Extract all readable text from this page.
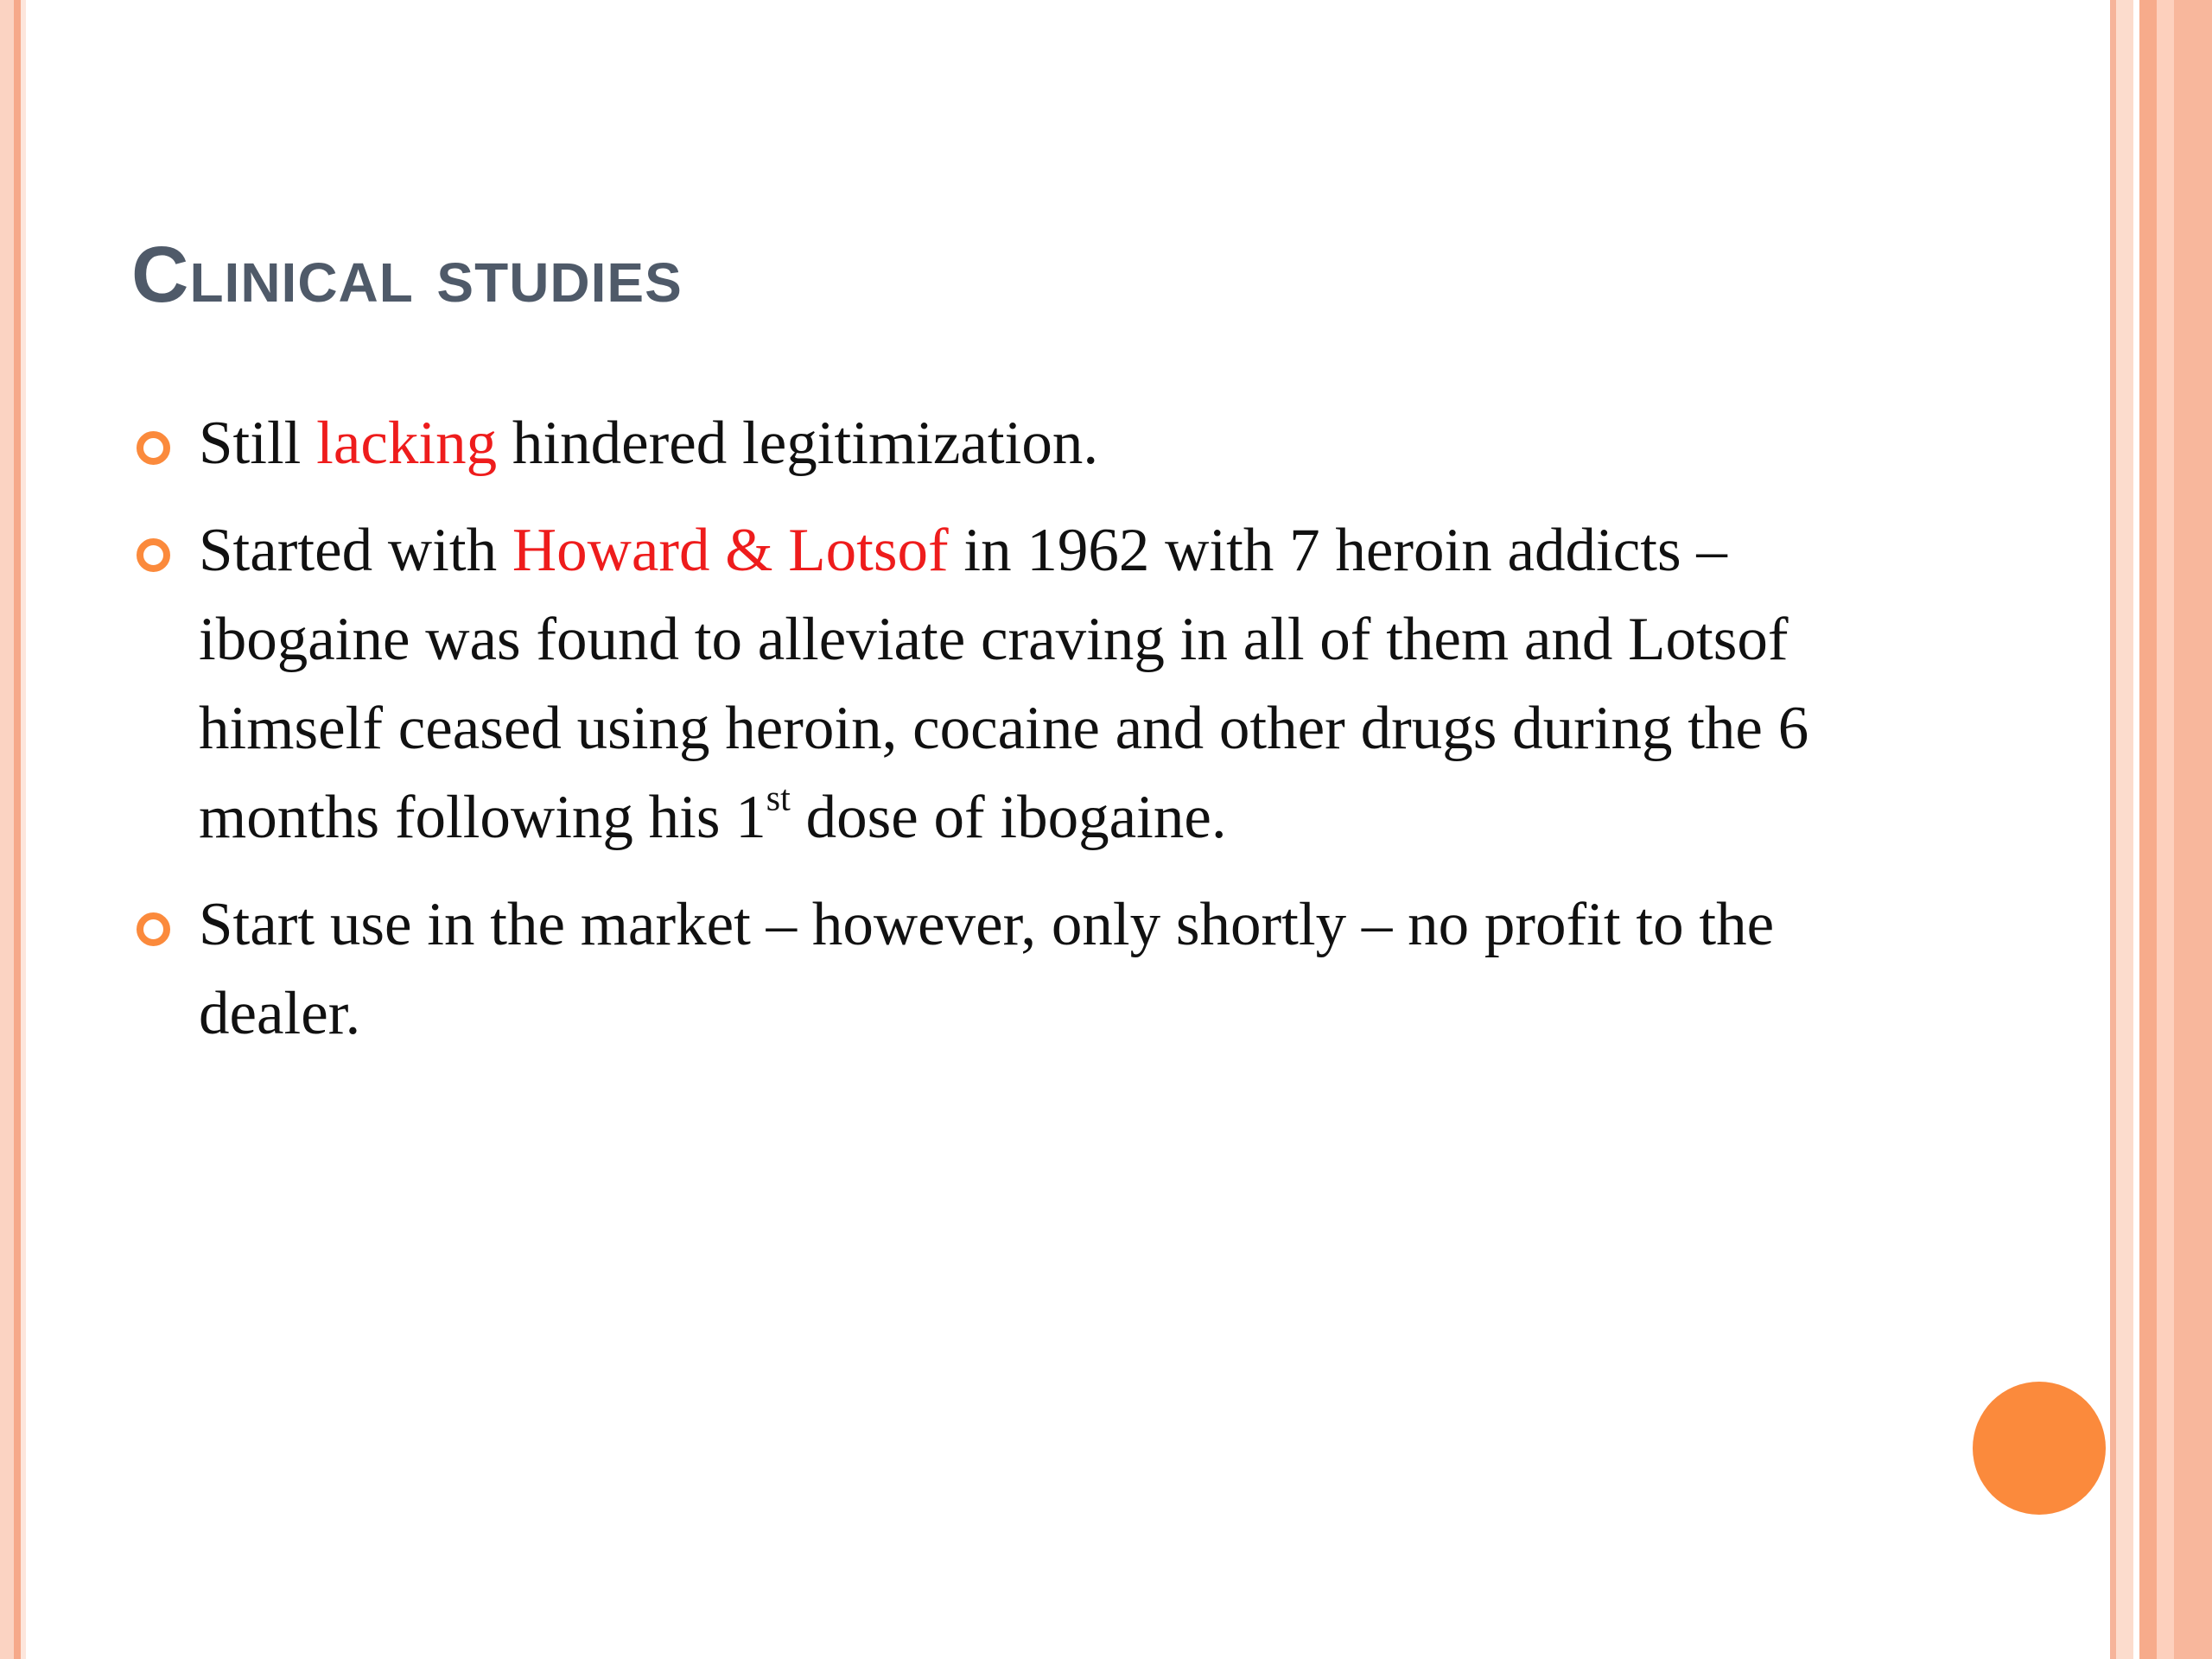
Clinical studies
Still lacking hindered legitimization.
Started with Howard & Lotsof in 1962 with 7 heroin addicts – ibogaine was found to alleviate craving in all of them and Lotsof himself ceased using heroin, cocaine and other drugs during the 6 months following his 1st dose of ibogaine.
Start use in the market – however, only shortly – no profit to the dealer.
